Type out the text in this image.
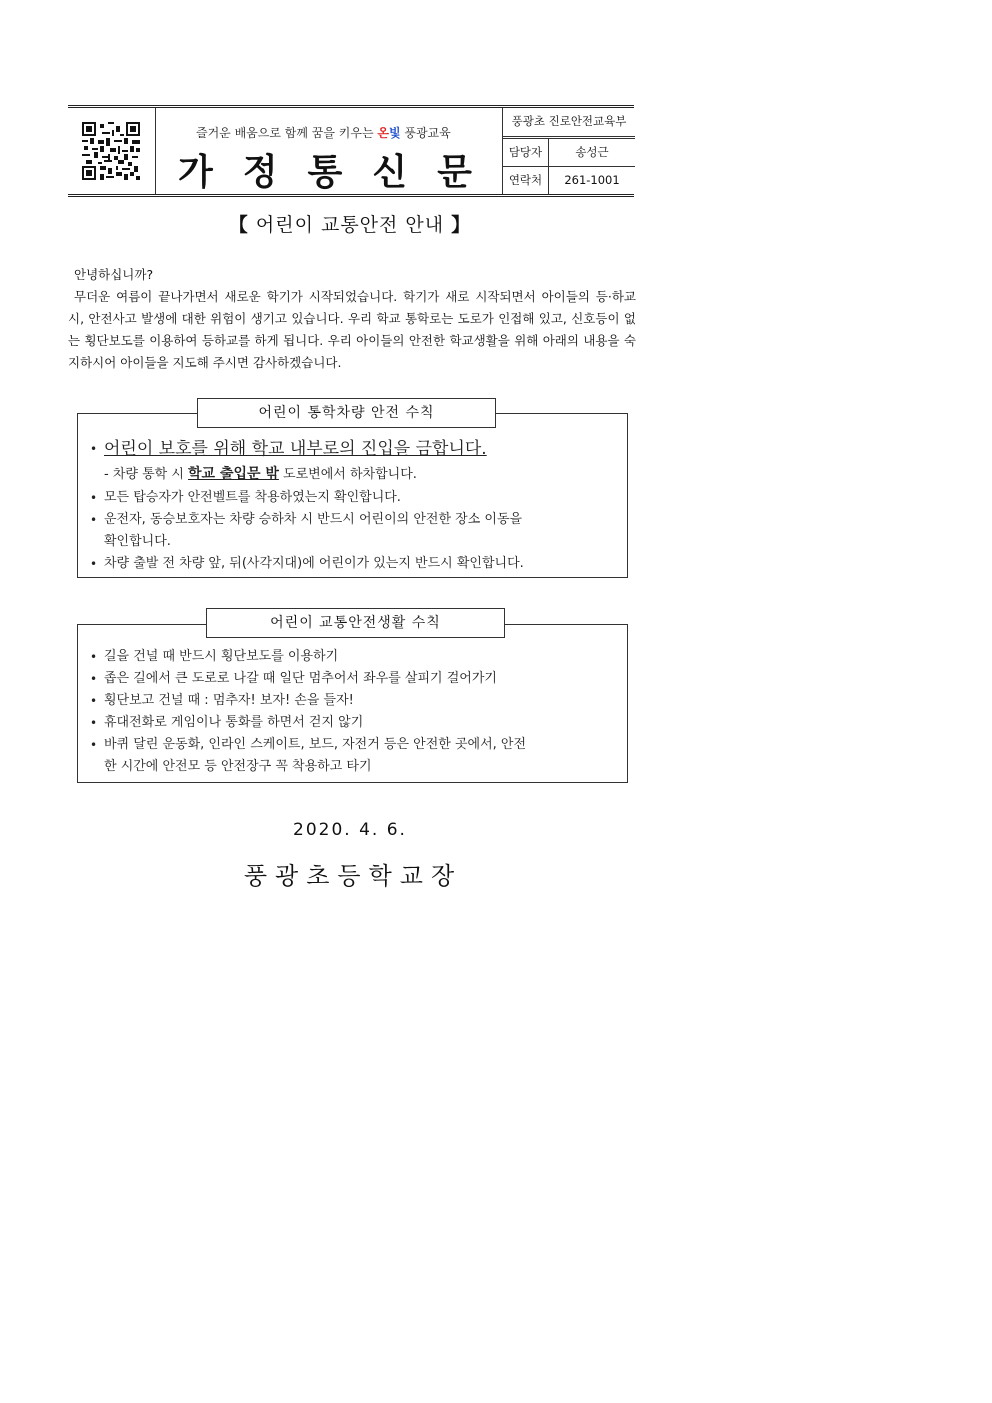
즐거운 배움으로 함께 꿈을 키우는 온빛 풍광교육
가정통신문
풍광초 진로안전교육부
담당자	송성근
연락처	261-1001
【 어린이 교통안전 안내 】

안녕하십니까?

무더운 여름이 끝나가면서 새로운 학기가 시작되었습니다. 학기가 새로 시작되면서 아이들의 등·하교 시, 안전사고 발생에 대한 위험이 생기고 있습니다. 우리 학교 통학로는 도로가 인접해 있고, 신호등이 없는 횡단보도를 이용하여 등하교를 하게 됩니다. 우리 아이들의 안전한 학교생활을 위해 아래의 내용을 숙지하시어 아이들을 지도해 주시면 감사하겠습니다.

어린이 통학차량 안전 수칙
• 어린이 보호를 위해 학교 내부로의 진입을 금합니다.
- 차량 통학 시 학교 출입문 밖 도로변에서 하차합니다.
• 모든 탑승자가 안전벨트를 착용하였는지 확인합니다.
• 운전자, 동승보호자는 차량 승하차 시 반드시 어린이의 안전한 장소 이동을
확인합니다.
• 차량 출발 전 차량 앞, 뒤(사각지대)에 어린이가 있는지 반드시 확인합니다.
어린이 교통안전생활 수칙
• 길을 건널 때 반드시 횡단보도를 이용하기
• 좁은 길에서 큰 도로로 나갈 때 일단 멈추어서 좌우를 살피기 걸어가기
• 횡단보고 건널 때 : 멈추자! 보자! 손을 들자!
• 휴대전화로 게임이나 통화를 하면서 걷지 않기
• 바퀴 달린 운동화, 인라인 스케이트, 보드, 자전거 등은 안전한 곳에서, 안전
한 시간에 안전모 등 안전장구 꼭 착용하고 타기
2020. 4. 6.
풍광초등학교장
